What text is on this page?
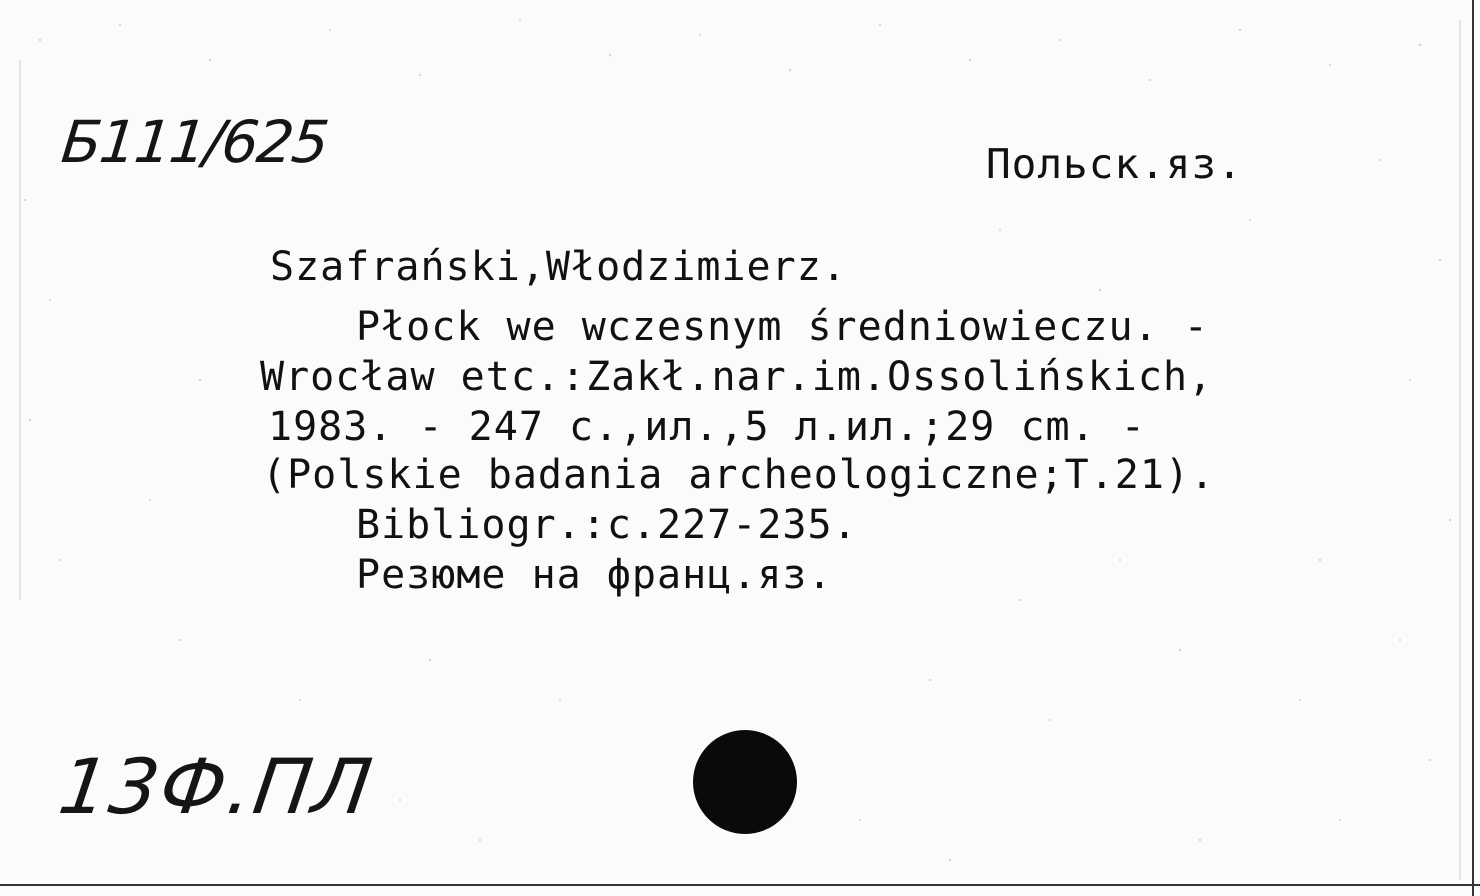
Б111/625	Польск.яз.
Szafrański,Włodzimierz.
Płock we wczesnym średniowieczu. -
Wrocław etc.:Zakł.nar.im.Ossolińskich,
1983. - 247 с.,ил.,5 л.ил.;29 cm. -
(Polskie badania archeologiczne;T.21).
Bibliogr.:c.227-235.
Резюме на франц.яз.
13Ф.ПЛ
